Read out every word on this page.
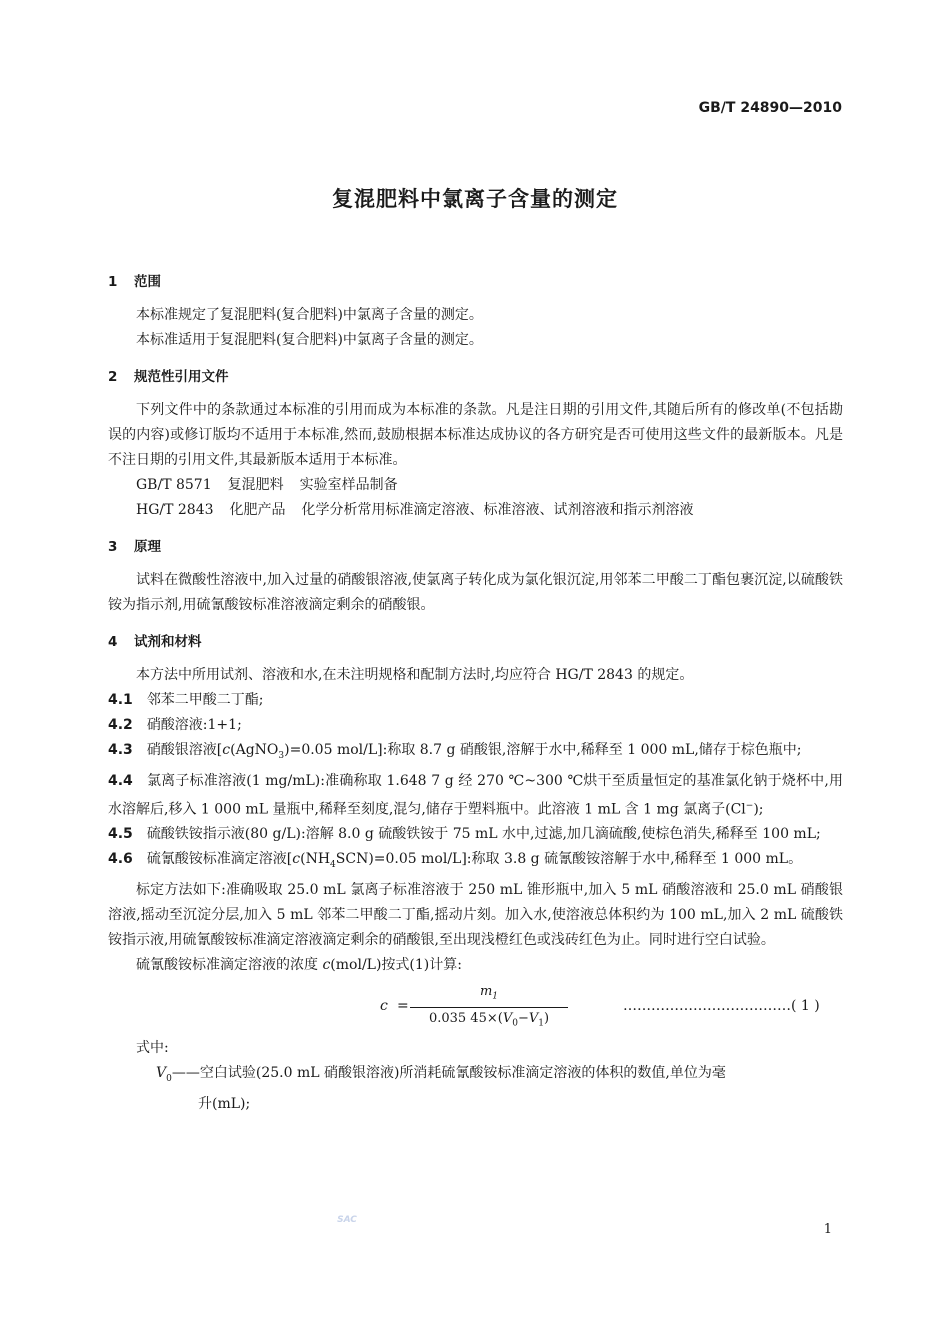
GB/T 24890—2010
复混肥料中氯离子含量的测定
1 范围

本标准规定了复混肥料(复合肥料)中氯离子含量的测定。

本标准适用于复混肥料(复合肥料)中氯离子含量的测定。

2 规范性引用文件

下列文件中的条款通过本标准的引用而成为本标准的条款。凡是注日期的引用文件,其随后所有的修改单(不包括勘误的内容)或修订版均不适用于本标准,然而,鼓励根据本标准达成协议的各方研究是否可使用这些文件的最新版本。凡是不注日期的引用文件,其最新版本适用于本标准。

GB/T 8571 复混肥料 实验室样品制备

HG/T 2843 化肥产品 化学分析常用标准滴定溶液、标准溶液、试剂溶液和指示剂溶液

3 原理

试料在微酸性溶液中,加入过量的硝酸银溶液,使氯离子转化成为氯化银沉淀,用邻苯二甲酸二丁酯包裹沉淀,以硫酸铁铵为指示剂,用硫氰酸铵标准溶液滴定剩余的硝酸银。

4 试剂和材料

本方法中所用试剂、溶液和水,在未注明规格和配制方法时,均应符合 HG/T 2843 的规定。

4.1 邻苯二甲酸二丁酯;

4.2 硝酸溶液:1+1;

4.3 硝酸银溶液[c(AgNO$_3$)=0.05 mol/L]:称取 8.7 g 硝酸银,溶解于水中,稀释至 1 000 mL,储存于棕色瓶中;

4.4 氯离子标准溶液(1 mg/mL):准确称取 1.648 7 g 经 270 ℃~300 ℃烘干至质量恒定的基准氯化钠于烧杯中,用水溶解后,移入 1 000 mL 量瓶中,稀释至刻度,混匀,储存于塑料瓶中。此溶液 1 mL 含 1 mg 氯离子(Cl−);

4.5 硫酸铁铵指示液(80 g/L):溶解 8.0 g 硫酸铁铵于 75 mL 水中,过滤,加几滴硫酸,使棕色消失,稀释至 100 mL;

4.6 硫氰酸铵标准滴定溶液[$c(NH_4SCN)=0.05$ mol/L]:称取 3.8 g 硫氰酸铵溶解于水中,稀释至 1 000 mL。

标定方法如下:准确吸取 25.0 mL 氯离子标准溶液于 250 mL 锥形瓶中,加入 5 mL 硝酸溶液和 25.0 mL 硝酸银溶液,摇动至沉淀分层,加入 5 mL 邻苯二甲酸二丁酯,摇动片刻。加入水,使溶液总体积约为 100 mL,加入 2 mL 硫酸铁铵指示液,用硫氰酸铵标准滴定溶液滴定剩余的硝酸银,至出现浅橙红色或浅砖红色为止。同时进行空白试验。

硫氰酸铵标准滴定溶液的浓度 c(mol/L)按式(1)计算:

$c = \frac{m_1}{0.035 45\times(V_0-V_1)}$	………………………………( 1 )

式中:

$V_0——$空白试验(25.0 mL 硝酸银溶液)所消耗硫氰酸铵标准滴定溶液的体积的数值,单位为毫

升(mL);

SAC
1
